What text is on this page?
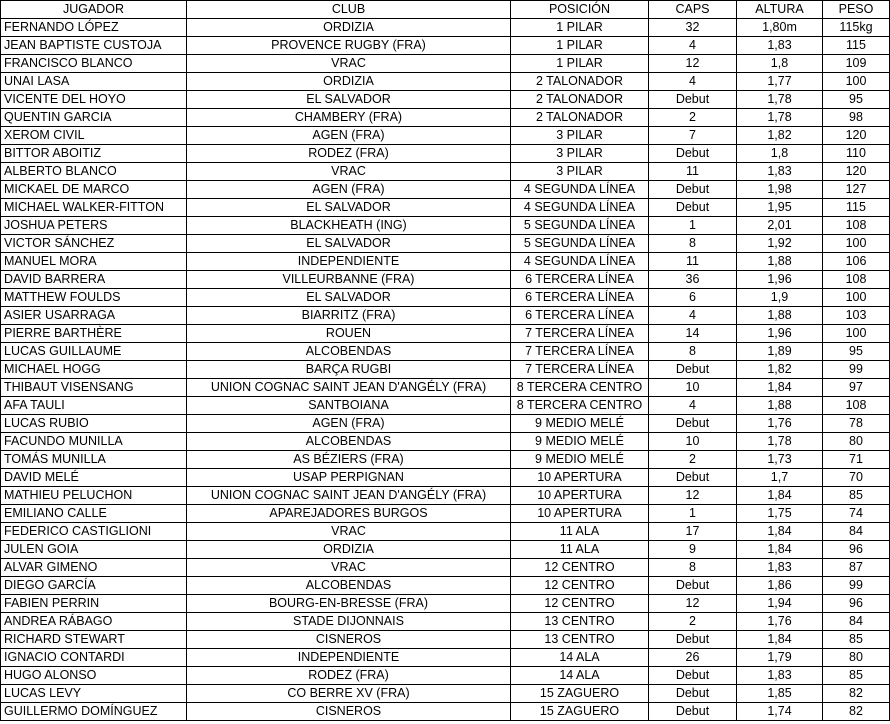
JUGADOR	CLUB	POSICIÓN	CAPS	ALTURA	PESO
FERNANDO LÓPEZ	ORDIZIA	1 PILAR	32	1,80m	115kg
JEAN BAPTISTE CUSTOJA	PROVENCE RUGBY (FRA)	1 PILAR	4	1,83	115
FRANCISCO BLANCO	VRAC	1 PILAR	12	1,8	109
UNAI LASA	ORDIZIA	2 TALONADOR	4	1,77	100
VICENTE DEL HOYO	EL SALVADOR	2 TALONADOR	Debut	1,78	95
QUENTIN GARCIA	CHAMBERY (FRA)	2 TALONADOR	2	1,78	98
XEROM CIVIL	AGEN (FRA)	3 PILAR	7	1,82	120
BITTOR ABOITIZ	RODEZ (FRA)	3 PILAR	Debut	1,8	110
ALBERTO BLANCO	VRAC	3 PILAR	11	1,83	120
MICKAEL DE MARCO	AGEN (FRA)	4 SEGUNDA LÍNEA	Debut	1,98	127
MICHAEL WALKER-FITTON	EL SALVADOR	4 SEGUNDA LÍNEA	Debut	1,95	115
JOSHUA PETERS	BLACKHEATH (ING)	5 SEGUNDA LÍNEA	1	2,01	108
VICTOR SÁNCHEZ	EL SALVADOR	5 SEGUNDA LÍNEA	8	1,92	100
MANUEL MORA	INDEPENDIENTE	4 SEGUNDA LÍNEA	11	1,88	106
DAVID BARRERA	VILLEURBANNE (FRA)	6 TERCERA LÍNEA	36	1,96	108
MATTHEW FOULDS	EL SALVADOR	6 TERCERA LÍNEA	6	1,9	100
ASIER USARRAGA	BIARRITZ (FRA)	6 TERCERA LÍNEA	4	1,88	103
PIERRE BARTHÈRE	ROUEN	7 TERCERA LÍNEA	14	1,96	100
LUCAS GUILLAUME	ALCOBENDAS	7 TERCERA LÍNEA	8	1,89	95
MICHAEL HOGG	BARÇA RUGBI	7 TERCERA LÍNEA	Debut	1,82	99
THIBAUT VISENSANG	UNION COGNAC SAINT JEAN D'ANGÉLY (FRA)	8 TERCERA CENTRO	10	1,84	97
AFA TAULI	SANTBOIANA	8 TERCERA CENTRO	4	1,88	108
LUCAS RUBIO	AGEN (FRA)	9 MEDIO MELÉ	Debut	1,76	78
FACUNDO MUNILLA	ALCOBENDAS	9 MEDIO MELÉ	10	1,78	80
TOMÁS MUNILLA	AS BÉZIERS (FRA)	9 MEDIO MELÉ	2	1,73	71
DAVID MELÉ	USAP PERPIGNAN	10 APERTURA	Debut	1,7	70
MATHIEU PELUCHON	UNION COGNAC SAINT JEAN D'ANGÉLY (FRA)	10 APERTURA	12	1,84	85
EMILIANO CALLE	APAREJADORES BURGOS	10 APERTURA	1	1,75	74
FEDERICO CASTIGLIONI	VRAC	11 ALA	17	1,84	84
JULEN GOIA	ORDIZIA	11 ALA	9	1,84	96
ALVAR GIMENO	VRAC	12 CENTRO	8	1,83	87
DIEGO GARCÍA	ALCOBENDAS	12 CENTRO	Debut	1,86	99
FABIEN PERRIN	BOURG-EN-BRESSE (FRA)	12 CENTRO	12	1,94	96
ANDREA RÁBAGO	STADE DIJONNAIS	13 CENTRO	2	1,76	84
RICHARD STEWART	CISNEROS	13 CENTRO	Debut	1,84	85
IGNACIO CONTARDI	INDEPENDIENTE	14 ALA	26	1,79	80
HUGO ALONSO	RODEZ (FRA)	14 ALA	Debut	1,83	85
LUCAS LEVY	CO BERRE XV (FRA)	15 ZAGUERO	Debut	1,85	82
GUILLERMO DOMÍNGUEZ	CISNEROS	15 ZAGUERO	Debut	1,74	82
